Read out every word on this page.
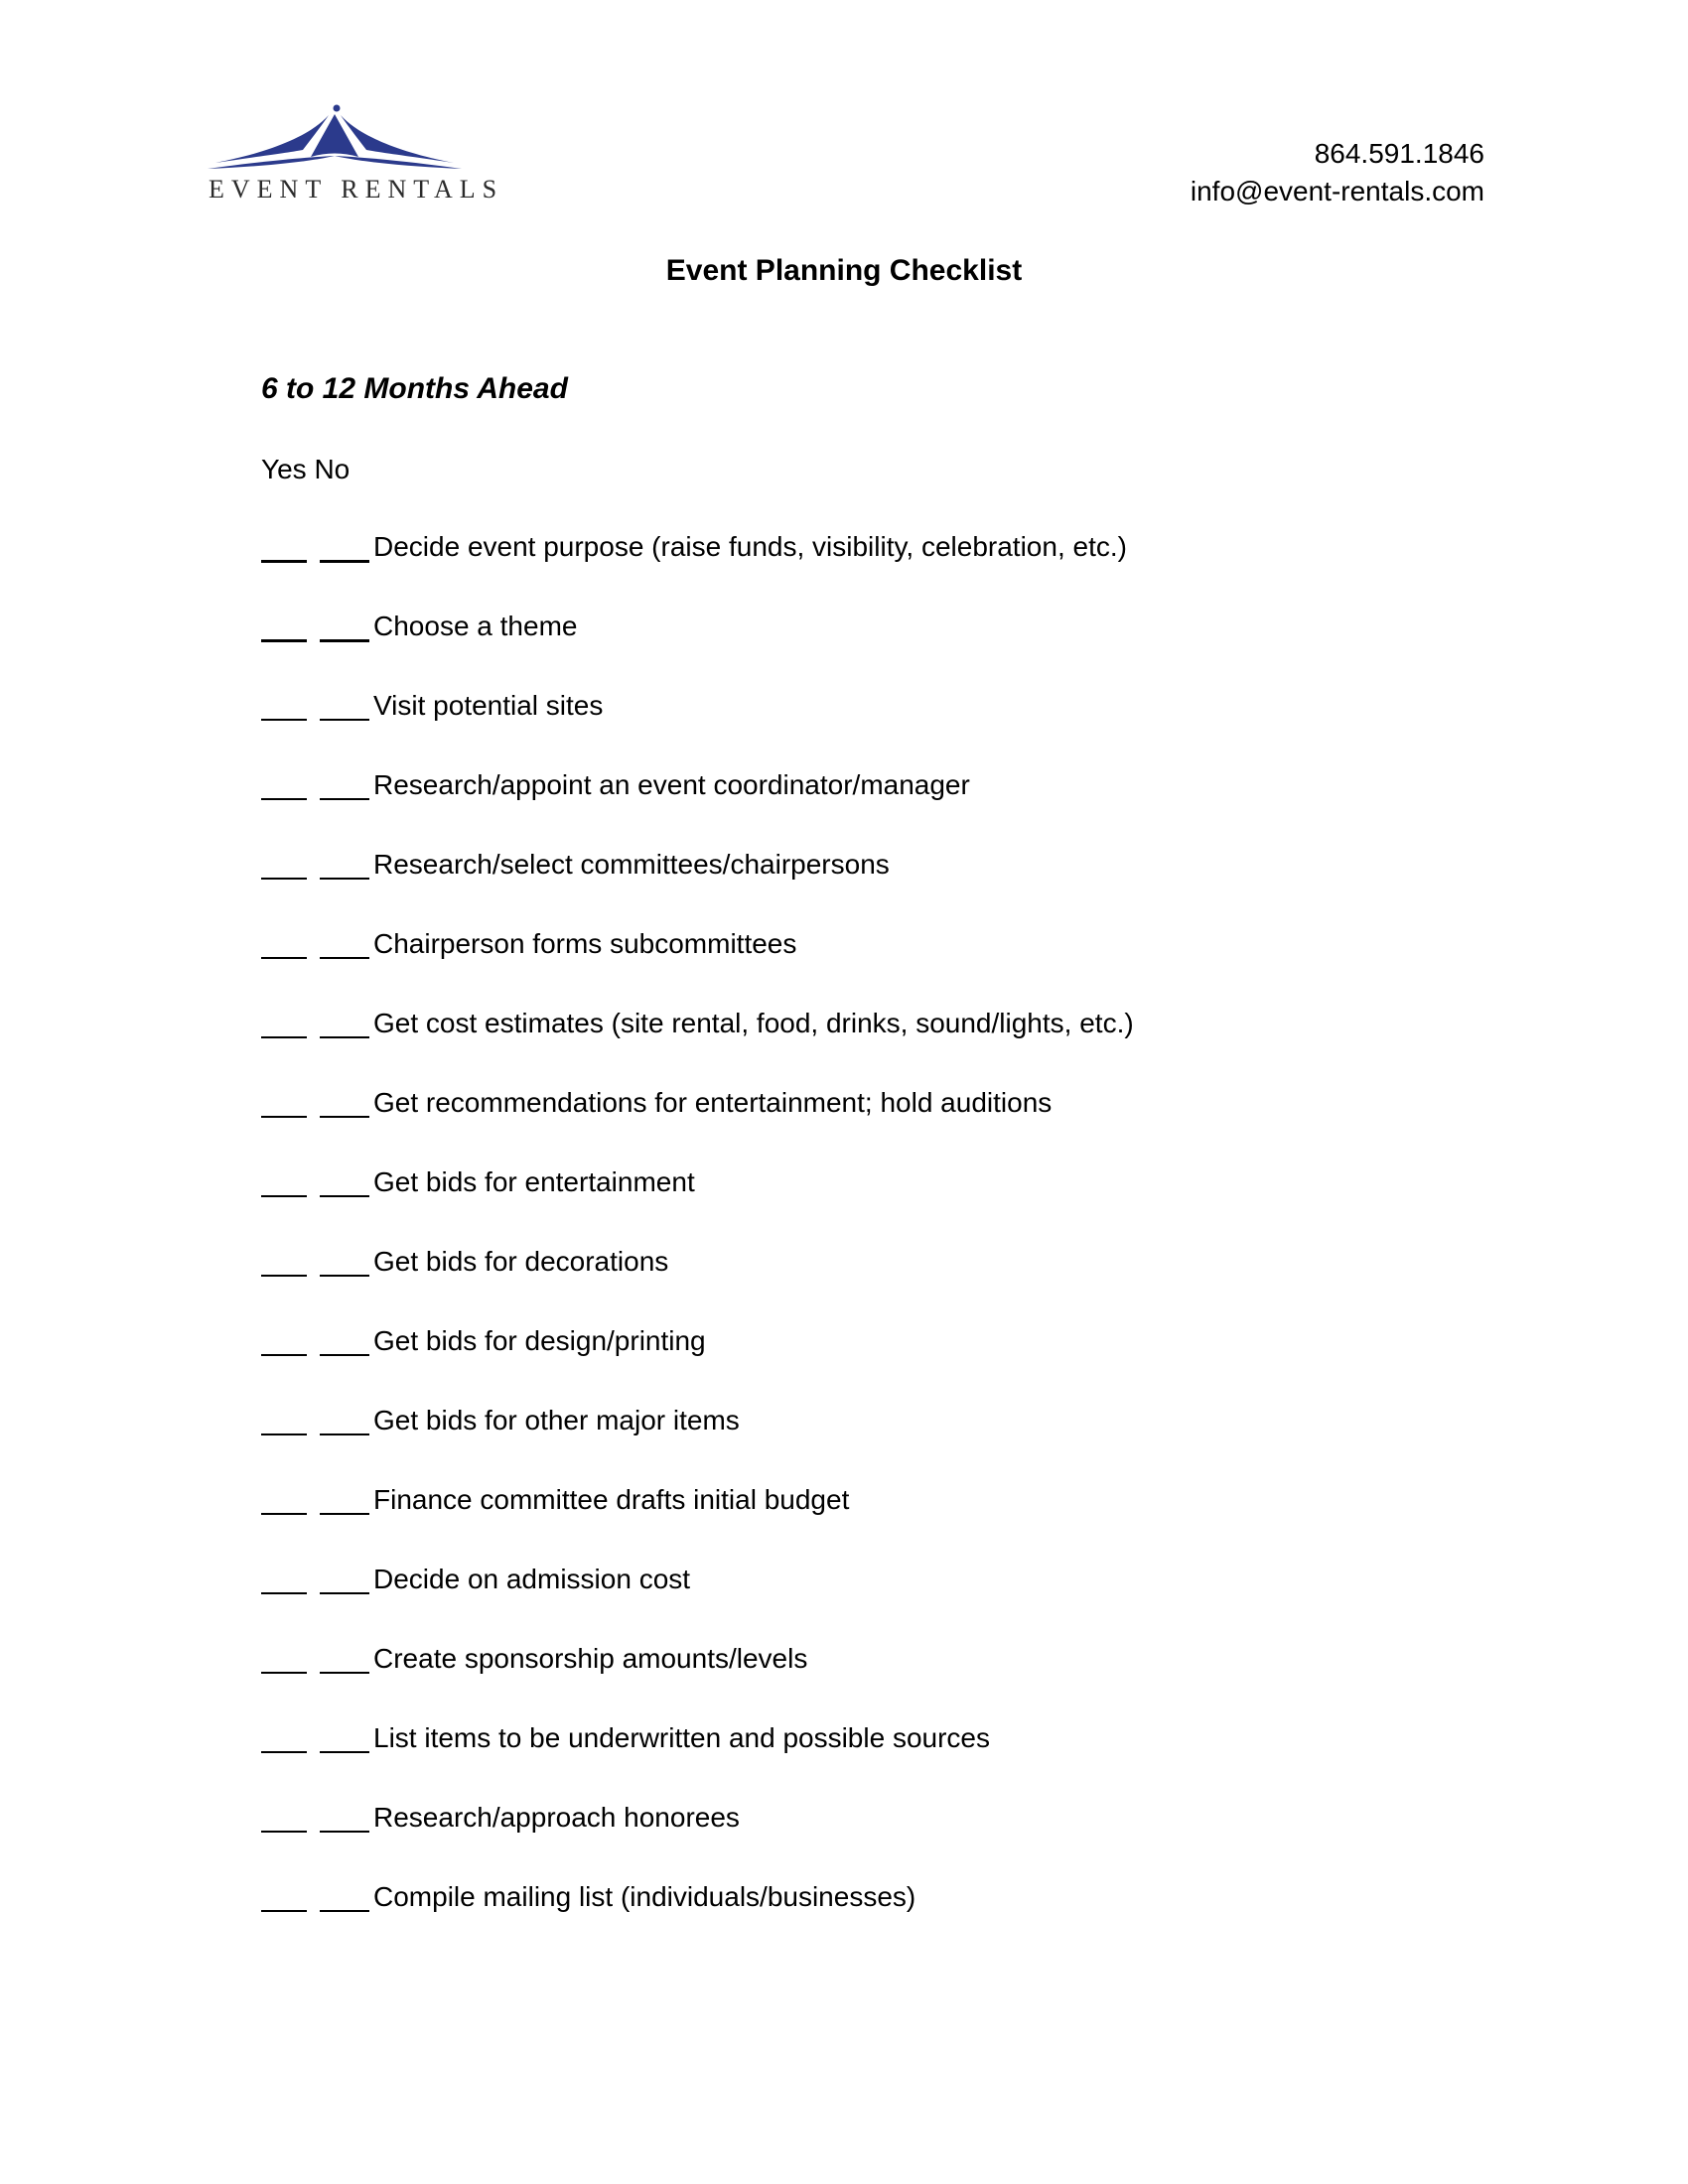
EVENT RENTALS
864.591.1846
info@event-rentals.com
Event Planning Checklist
6 to 12 Months Ahead
Yes No
Decide event purpose (raise funds, visibility, celebration, etc.)
Choose a theme
Visit potential sites
Research/appoint an event coordinator/manager
Research/select committees/chairpersons
Chairperson forms subcommittees
Get cost estimates (site rental, food, drinks, sound/lights, etc.)
Get recommendations for entertainment; hold auditions
Get bids for entertainment
Get bids for decorations
Get bids for design/printing
Get bids for other major items
Finance committee drafts initial budget
Decide on admission cost
Create sponsorship amounts/levels
List items to be underwritten and possible sources
Research/approach honorees
Compile mailing list (individuals/businesses)
